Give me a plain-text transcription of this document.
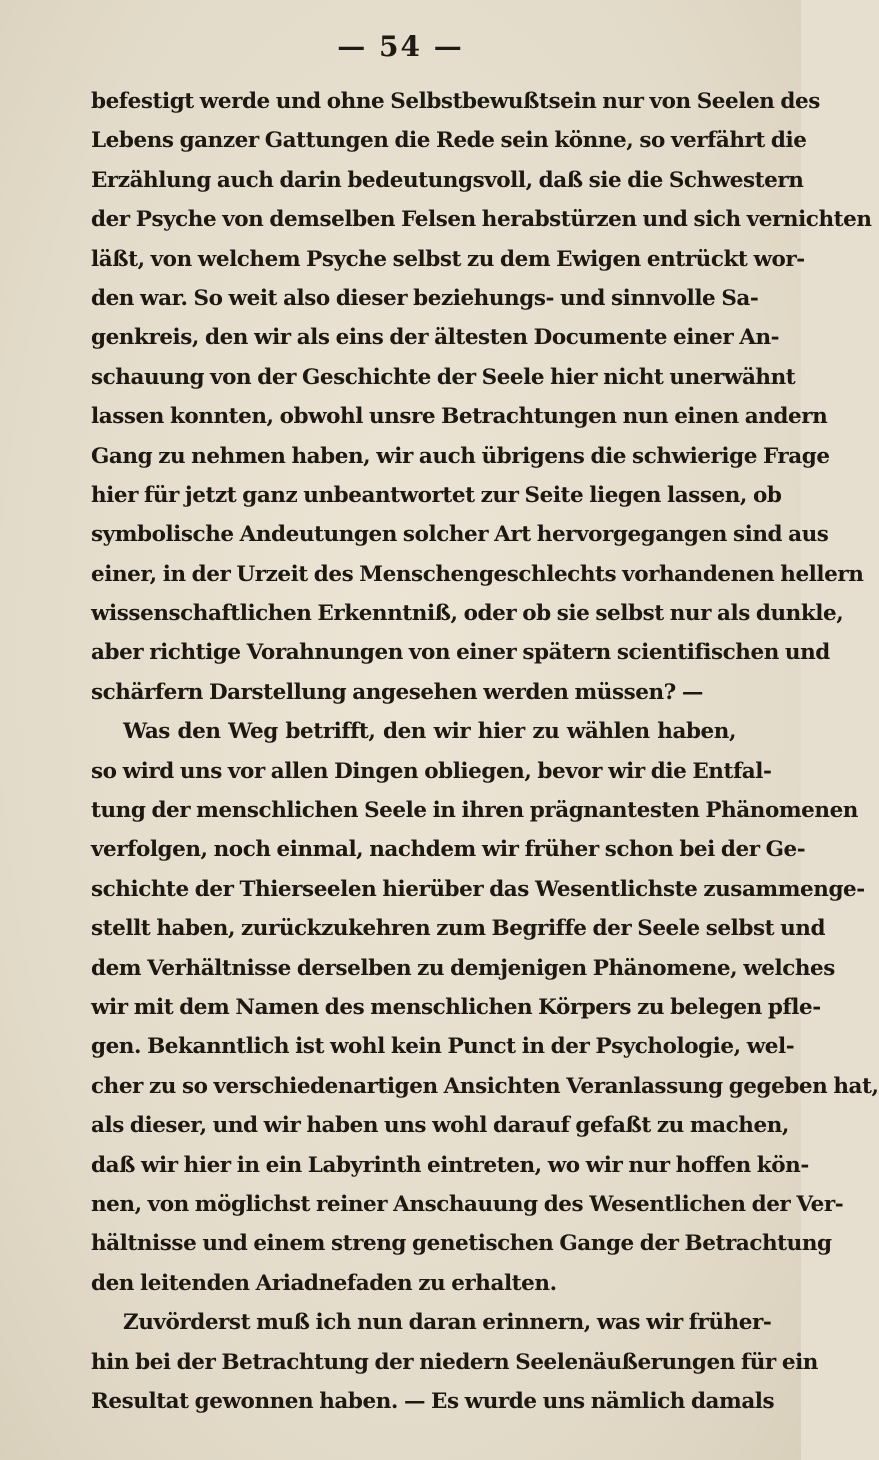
— 54 —
befestigt werde und ohne Selbstbewußtsein nur von Seelen des
Lebens ganzer Gattungen die Rede sein könne, so verfährt die
Erzählung auch darin bedeutungsvoll, daß sie die Schwestern
der Psyche von demselben Felsen herabstürzen und sich vernichten
läßt, von welchem Psyche selbst zu dem Ewigen entrückt wor-
den war. So weit also dieser beziehungs- und sinnvolle Sa-
genkreis, den wir als eins der ältesten Documente einer An-
schauung von der Geschichte der Seele hier nicht unerwähnt
lassen konnten, obwohl unsre Betrachtungen nun einen andern
Gang zu nehmen haben, wir auch übrigens die schwierige Frage
hier für jetzt ganz unbeantwortet zur Seite liegen lassen, ob
symbolische Andeutungen solcher Art hervorgegangen sind aus
einer, in der Urzeit des Menschengeschlechts vorhandenen hellern
wissenschaftlichen Erkenntniß, oder ob sie selbst nur als dunkle,
aber richtige Vorahnungen von einer spätern scientifischen und
schärfern Darstellung angesehen werden müssen? —
Was den Weg betrifft, den wir hier zu wählen haben,
so wird uns vor allen Dingen obliegen, bevor wir die Entfal-
tung der menschlichen Seele in ihren prägnantesten Phänomenen
verfolgen, noch einmal, nachdem wir früher schon bei der Ge-
schichte der Thierseelen hierüber das Wesentlichste zusammenge-
stellt haben, zurückzukehren zum Begriffe der Seele selbst und
dem Verhältnisse derselben zu demjenigen Phänomene, welches
wir mit dem Namen des menschlichen Körpers zu belegen pfle-
gen. Bekanntlich ist wohl kein Punct in der Psychologie, wel-
cher zu so verschiedenartigen Ansichten Veranlassung gegeben hat,
als dieser, und wir haben uns wohl darauf gefaßt zu machen,
daß wir hier in ein Labyrinth eintreten, wo wir nur hoffen kön-
nen, von möglichst reiner Anschauung des Wesentlichen der Ver-
hältnisse und einem streng genetischen Gange der Betrachtung
den leitenden Ariadnefaden zu erhalten.
Zuvörderst muß ich nun daran erinnern, was wir früher-
hin bei der Betrachtung der niedern Seelenäußerungen für ein
Resultat gewonnen haben. — Es wurde uns nämlich damals
